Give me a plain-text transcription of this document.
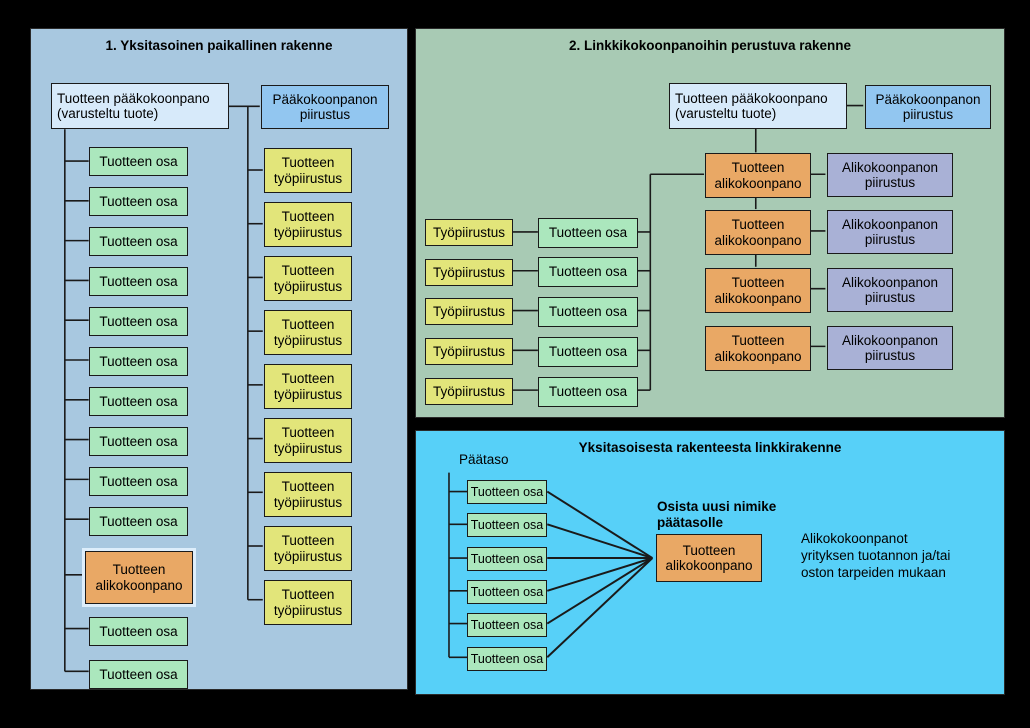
1. Yksitasoinen paikallinen rakenne
Tuotteen pääkokoonpano (varusteltu tuote)
Pääkokoonpanon piirustus
Tuotteen osa
Tuotteen osa
Tuotteen osa
Tuotteen osa
Tuotteen osa
Tuotteen osa
Tuotteen osa
Tuotteen osa
Tuotteen osa
Tuotteen osa
Tuotteen alikokoonpano
Tuotteen osa
Tuotteen osa
Tuotteen työpiirustus
Tuotteen työpiirustus
Tuotteen työpiirustus
Tuotteen työpiirustus
Tuotteen työpiirustus
Tuotteen työpiirustus
Tuotteen työpiirustus
Tuotteen työpiirustus
Tuotteen työpiirustus
2. Linkkikokoonpanoihin perustuva rakenne
Tuotteen pääkokoonpano (varusteltu tuote)
Pääkokoonpanon piirustus
Tuotteen alikokoonpano
Tuotteen alikokoonpano
Tuotteen alikokoonpano
Tuotteen alikokoonpano
Alikokoonpanon piirustus
Alikokoonpanon piirustus
Alikokoonpanon piirustus
Alikokoonpanon piirustus
Tuotteen osa
Tuotteen osa
Tuotteen osa
Tuotteen osa
Tuotteen osa
Työpiirustus
Työpiirustus
Työpiirustus
Työpiirustus
Työpiirustus
Yksitasoisesta rakenteesta linkkirakenne
Päätaso
Tuotteen osa
Tuotteen osa
Tuotteen osa
Tuotteen osa
Tuotteen osa
Tuotteen osa
Osista uusi nimike päätasolle
Tuotteen alikokoonpano
Alikokokoonpanot
yrityksen tuotannon ja/tai
oston tarpeiden mukaan
